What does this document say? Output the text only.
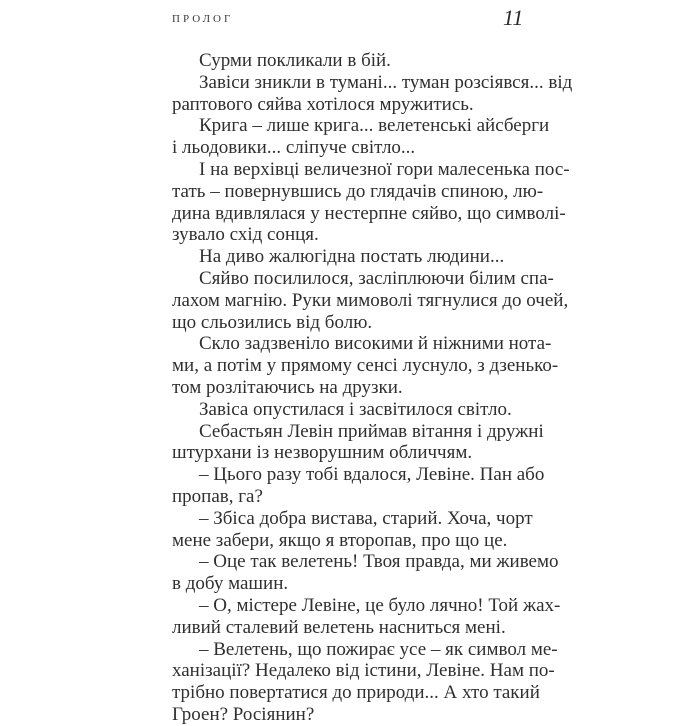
ПРОЛОГ	11
Сурми покликали в бій.
Завіси зникли в тумані... туман розсіявся... від
раптового сяйва хотілося мружитись.
Крига – лише крига... велетенські айсберги
і льодовики... сліпуче світло...
І на верхівці величезної гори малесенька пос-
тать – повернувшись до глядачів спиною, лю-
дина вдивлялася у нестерпне сяйво, що символі-
зувало схід сонця.
На диво жалюгідна постать людини...
Сяйво посилилося, засліплюючи білим спа-
лахом магнію. Руки мимоволі тягнулися до очей,
що сльозились від болю.
Скло задзвеніло високими й ніжними нота-
ми, а потім у прямому сенсі луснуло, з дзенько-
том розлітаючись на друзки.
Завіса опустилася і засвітилося світло.
Себастьян Левін приймав вітання і дружні
штурхани із незворушним обличчям.
– Цього разу тобі вдалося, Левіне. Пан або
пропав, га?
– Збіса добра вистава, старий. Хоча, чорт
мене забери, якщо я второпав, про що це.
– Оце так велетень! Твоя правда, ми живемо
в добу машин.
– О, містере Левіне, це було лячно! Той жах-
ливий сталевий велетень насниться мені.
– Велетень, що пожирає усе – як символ ме-
ханізації? Недалеко від істини, Левіне. Нам по-
трібно повертатися до природи... А хто такий
Гроен? Росіянин?
